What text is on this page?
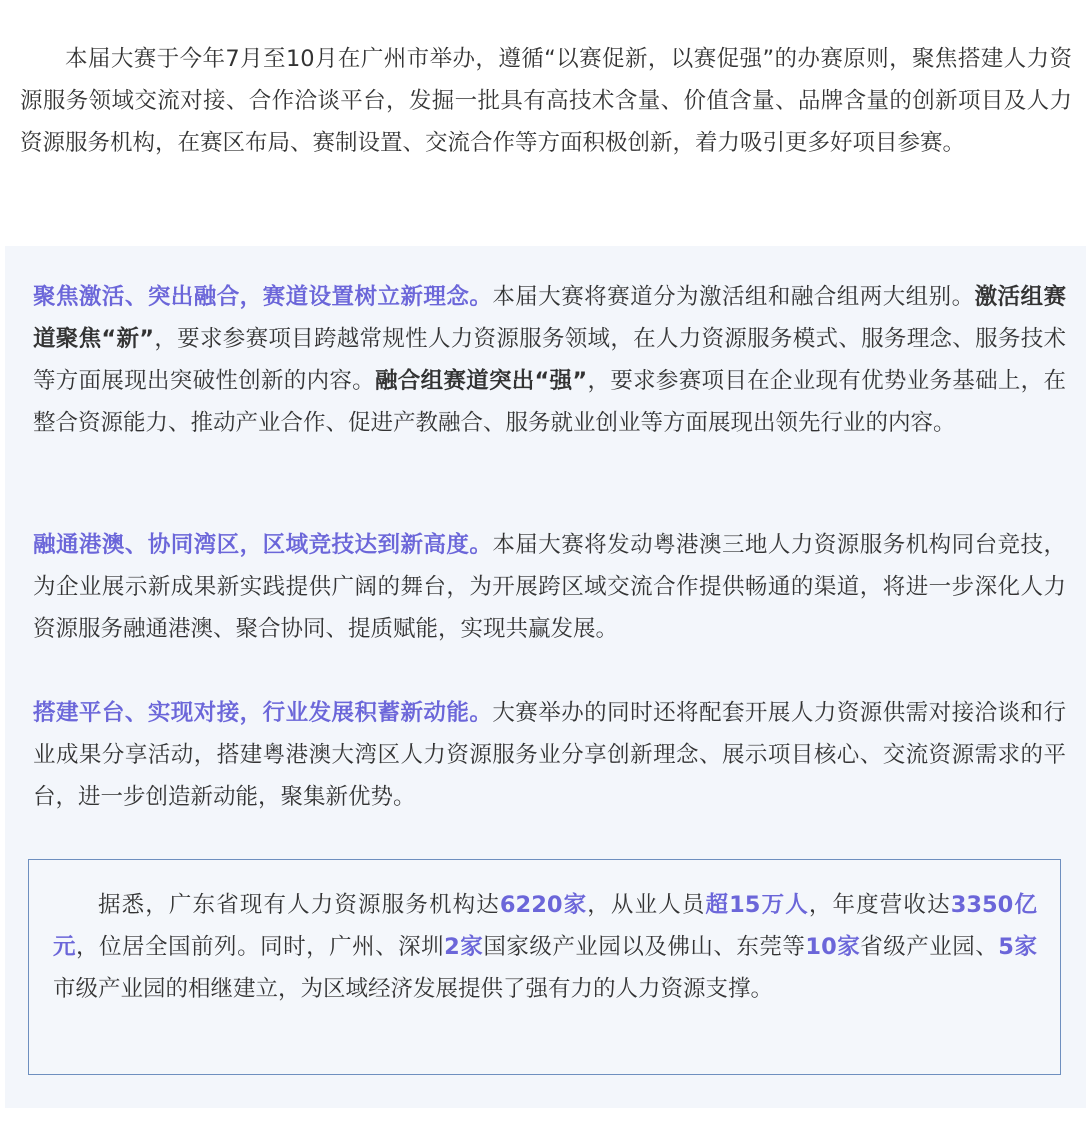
本届大赛于今年7月至10月在广州市举办，遵循“以赛促新，以赛促强”的办赛原则，聚焦搭建人力资源服务领域交流对接、合作洽谈平台，发掘一批具有高技术含量、价值含量、品牌含量的创新项目及人力资源服务机构，在赛区布局、赛制设置、交流合作等方面积极创新，着力吸引更多好项目参赛。

聚焦激活、突出融合，赛道设置树立新理念。本届大赛将赛道分为激活组和融合组两大组别。激活组赛道聚焦“新”，要求参赛项目跨越常规性人力资源服务领域，在人力资源服务模式、服务理念、服务技术等方面展现出突破性创新的内容。融合组赛道突出“强”，要求参赛项目在企业现有优势业务基础上，在整合资源能力、推动产业合作、促进产教融合、服务就业创业等方面展现出领先行业的内容。

融通港澳、协同湾区，区域竞技达到新高度。本届大赛将发动粤港澳三地人力资源服务机构同台竞技，为企业展示新成果新实践提供广阔的舞台，为开展跨区域交流合作提供畅通的渠道，将进一步深化人力资源服务融通港澳、聚合协同、提质赋能，实现共赢发展。

搭建平台、实现对接，行业发展积蓄新动能。大赛举办的同时还将配套开展人力资源供需对接洽谈和行业成果分享活动，搭建粤港澳大湾区人力资源服务业分享创新理念、展示项目核心、交流资源需求的平台，进一步创造新动能，聚集新优势。

据悉，广东省现有人力资源服务机构达6220家，从业人员超15万人，年度营收达3350亿元，位居全国前列。同时，广州、深圳2家国家级产业园以及佛山、东莞等10家省级产业园、5家市级产业园的相继建立，为区域经济发展提供了强有力的人力资源支撑。
